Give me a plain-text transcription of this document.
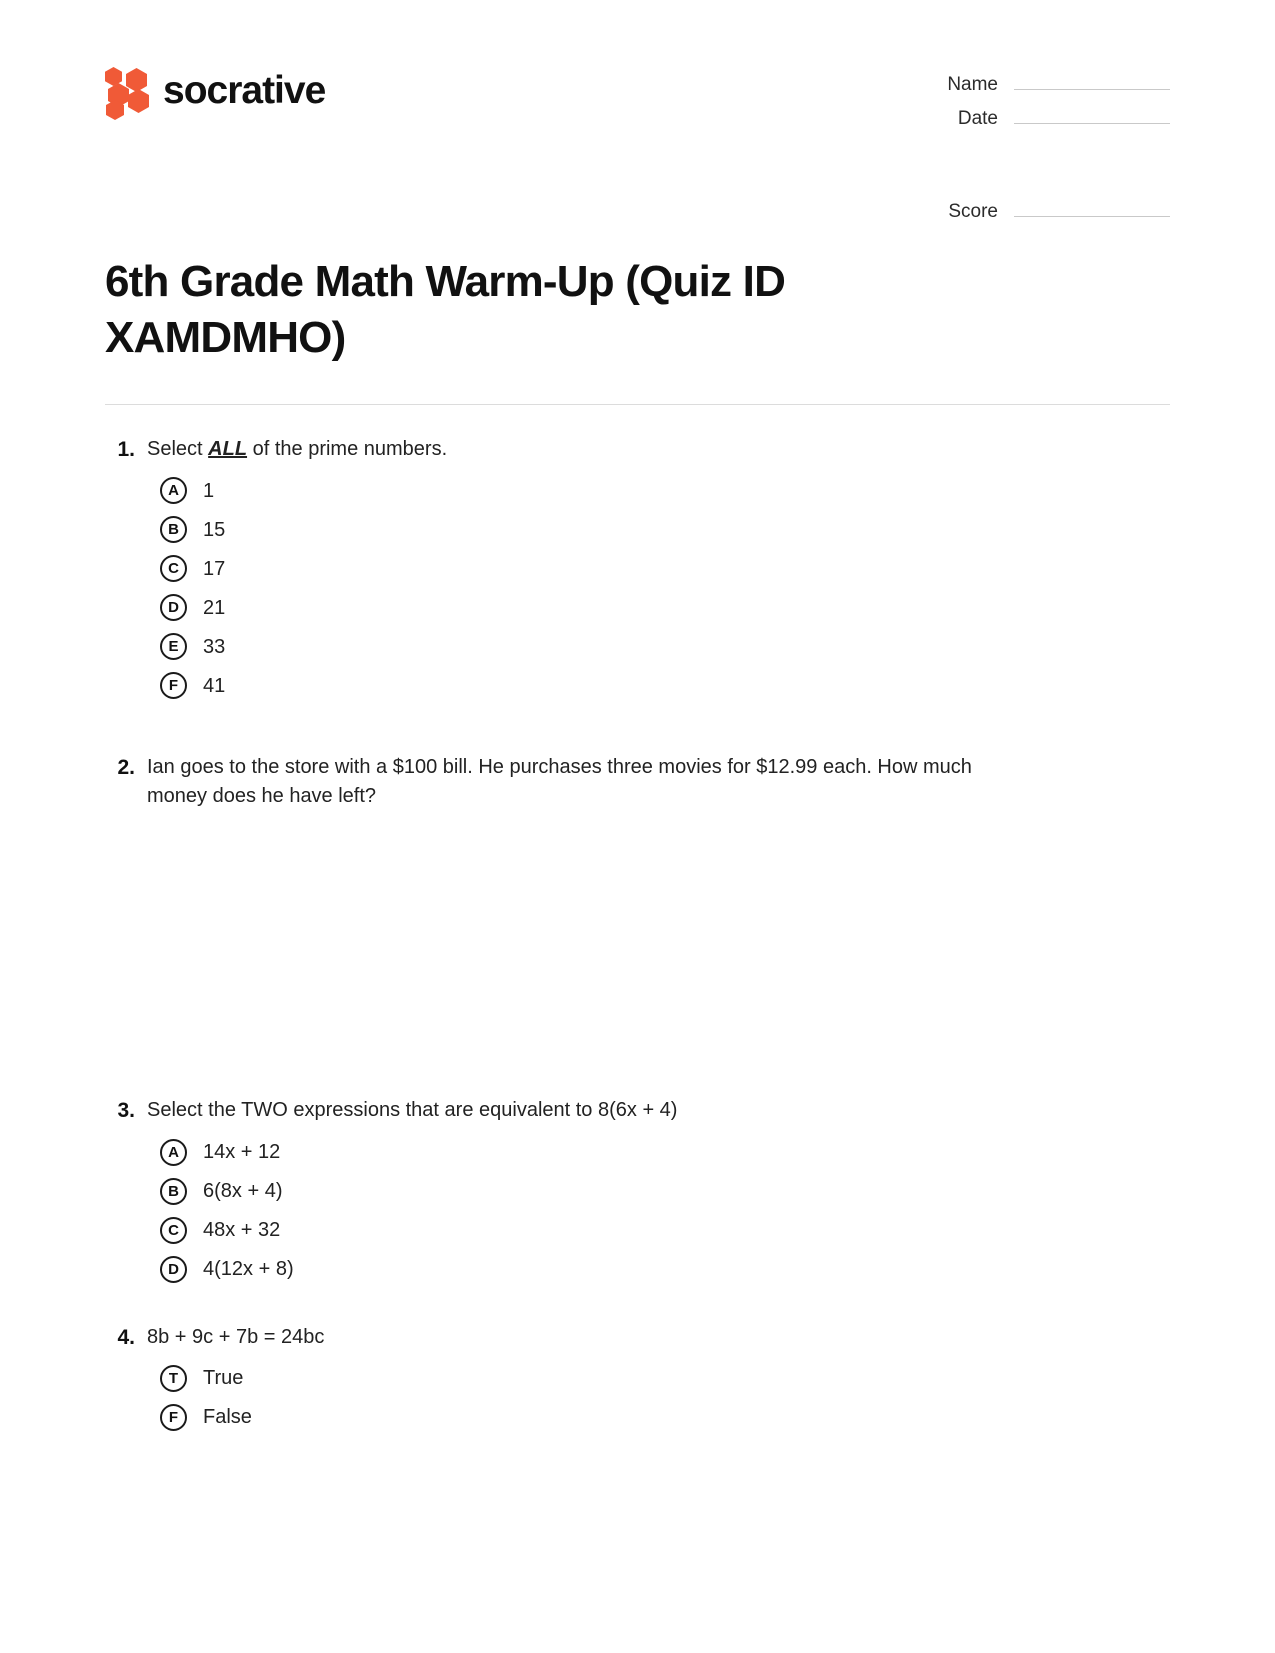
socrative	Name
Date
Score
6th Grade Math Warm-Up (Quiz ID XAMDMHO)
1. Select ALL of the prime numbers.
A	1
B	15
C	17
D	21
E	33
F	41
2. Ian goes to the store with a $100 bill. He purchases three movies for $12.99 each. How much money does he have left?
3. Select the TWO expressions that are equivalent to 8(6x + 4)
A	14x + 12
B	6(8x + 4)
C	48x + 32
D	4(12x + 8)
4. 8b + 9c + 7b = 24bc
T	True
F	False
